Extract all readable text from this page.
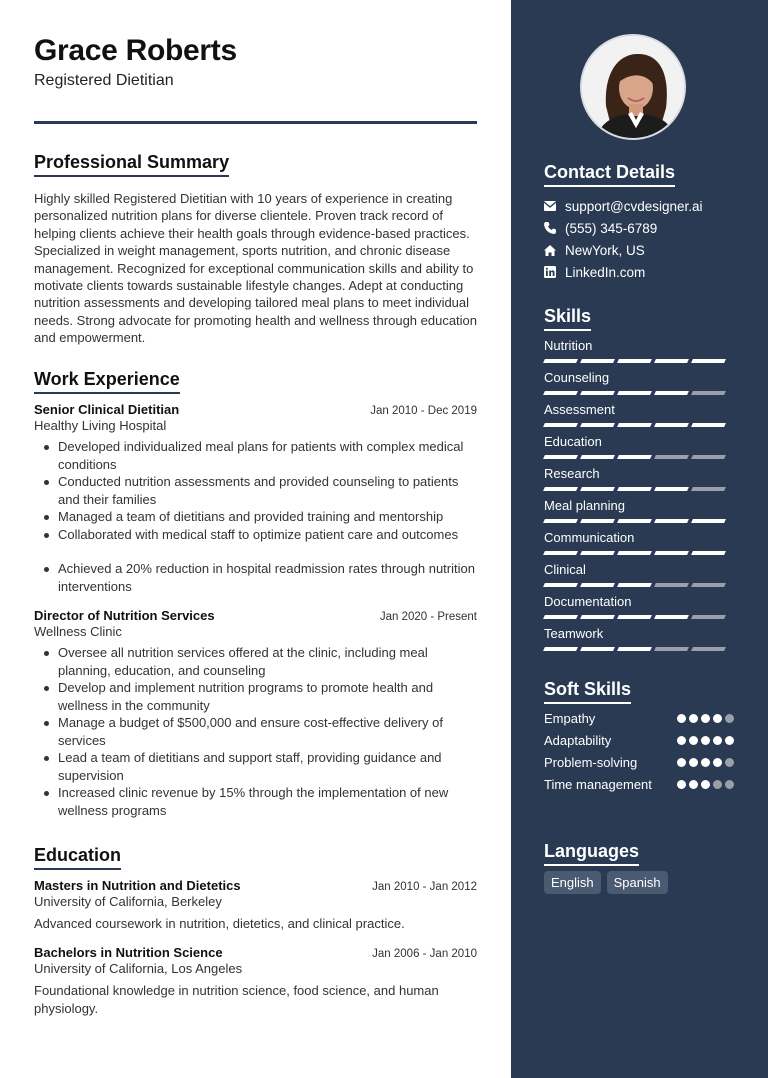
Grace Roberts
Registered Dietitian
Professional Summary
Highly skilled Registered Dietitian with 10 years of experience in creating personalized nutrition plans for diverse clientele. Proven track record of helping clients achieve their health goals through evidence-based practices. Specialized in weight management, sports nutrition, and chronic disease management. Recognized for exceptional communication skills and ability to motivate clients towards sustainable lifestyle changes. Adept at conducting nutrition assessments and developing tailored meal plans to meet individual needs. Strong advocate for promoting health and wellness through education and empowerment.
Work Experience
Senior Clinical Dietitian	Jan 2010 - Dec 2019
Healthy Living Hospital
Developed individualized meal plans for patients with complex medical conditions
Conducted nutrition assessments and provided counseling to patients and their families
Managed a team of dietitians and provided training and mentorship
Collaborated with medical staff to optimize patient care and outcomes
Achieved a 20% reduction in hospital readmission rates through nutrition interventions
Director of Nutrition Services	Jan 2020 - Present
Wellness Clinic
Oversee all nutrition services offered at the clinic, including meal planning, education, and counseling
Develop and implement nutrition programs to promote health and wellness in the community
Manage a budget of $500,000 and ensure cost-effective delivery of services
Lead a team of dietitians and support staff, providing guidance and supervision
Increased clinic revenue by 15% through the implementation of new wellness programs
Education
Masters in Nutrition and Dietetics	Jan 2010 - Jan 2012
University of California, Berkeley
Advanced coursework in nutrition, dietetics, and clinical practice.
Bachelors in Nutrition Science	Jan 2006 - Jan 2010
University of California, Los Angeles
Foundational knowledge in nutrition science, food science, and human physiology.
Contact Details
support@cvdesigner.ai
(555) 345-6789
NewYork, US
LinkedIn.com
Skills
Nutrition
Counseling
Assessment
Education
Research
Meal planning
Communication
Clinical
Documentation
Teamwork
Soft Skills
Empathy
Adaptability
Problem-solving
Time management
Languages
English	Spanish
